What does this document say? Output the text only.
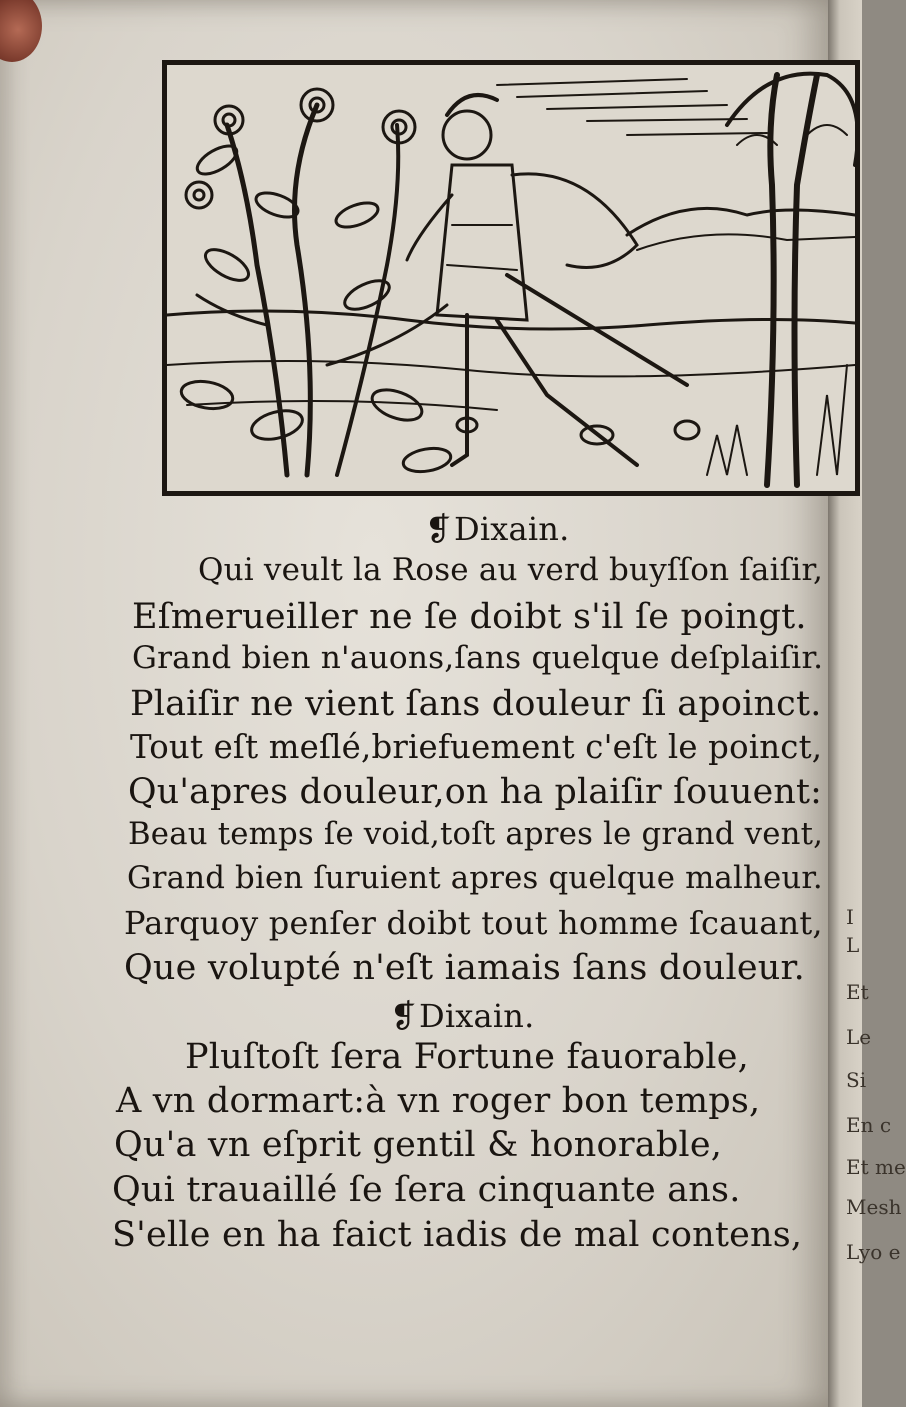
I
L
Et
Le
Si
En c
Et me
Mesh
Lyo e
❡Dixain.
Qui veult la Rose au verd buyſſon ſaiſir,
Eſmerueiller ne ſe doibt s'il ſe poingt.
Grand bien n'auons,ſans quelque deſplaiſir.
Plaiſir ne vient ſans douleur ſi apoinct.
Tout eſt meſlé,briefuement c'eſt le poinct,
Qu'apres douleur,on ha plaiſir ſouuent:
Beau temps ſe void,toſt apres le grand vent,
Grand bien ſuruient apres quelque malheur.
Parquoy penſer doibt tout homme ſcauant,
Que volupté n'eſt iamais ſans douleur.
❡Dixain.
Pluſtoſt ſera Fortune fauorable,
A vn dormart:à vn roger bon temps,
Qu'a vn eſprit gentil & honorable,
Qui trauaillé ſe ſera cinquante ans.
S'elle en ha faict iadis de mal contens,
